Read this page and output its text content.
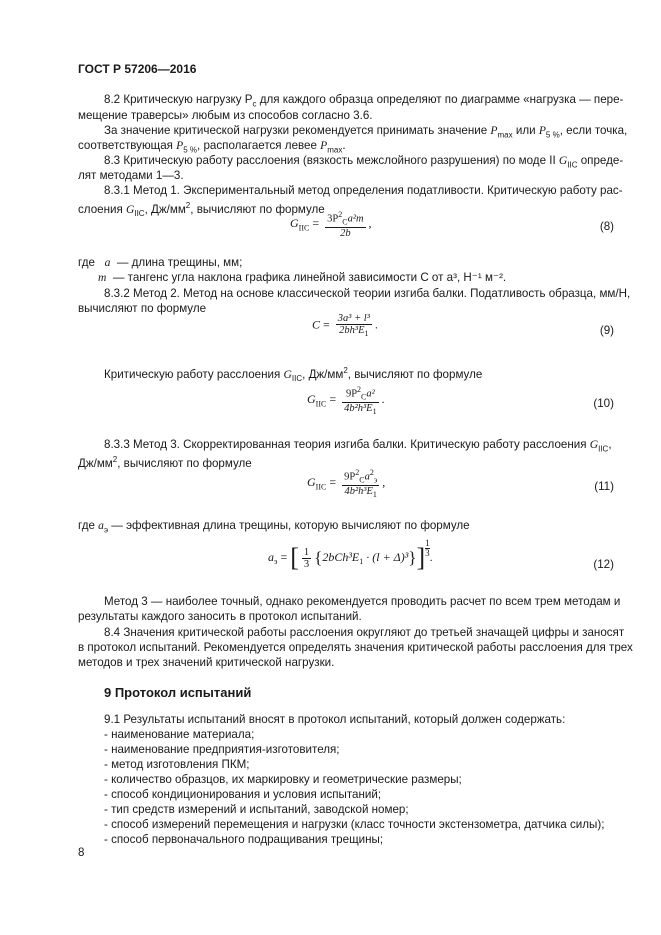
ГОСТ Р 57206—2016
8.2 Критическую нагрузку $P_c$ для каждого образца определяют по диаграмме «нагрузка — пере-
мещение траверсы» любым из способов согласно 3.6.
За значение критической нагрузки рекомендуется принимать значение $P_{max}$ или $P_{5 \%}$, если точка,
соответствующая $P_{5 \%}$, располагается левее $P_{max}$.
8.3 Критическую работу расслоения (вязкость межслойного разрушения) по моде II $G_{IIC}$ опреде-
лят методами 1—3.
8.3.1 Метод 1. Экспериментальный метод определения податливости. Критическую работу рас-
слоения $G_{IIC}$, $Дж/мм^2$, вычисляют по формуле
$G_{IIC} = \frac{3P^2_Ca^2m}{2b}$ ,	(8)
где a — длина трещины, мм;
m — тангенс угла наклона графика линейной зависимости C от a³, Н⁻¹ м⁻².
8.3.2 Метод 2. Метод на основе классической теории изгиба балки. Податливость образца, мм/Н,
вычисляют по формуле
$C = \frac{\text{3a³ + l³}}{2bh^3E_1}$ .	(9)
Критическую работу расслоения $G_{IIC}$, $Дж/мм^2$, вычисляют по формуле
$G_{IIC} = \frac{9P^2_Ca^2}{4b^2h^3E_1}$ .	(10)
8.3.3 Метод 3. Скорректированная теория изгиба балки. Критическую работу расслоения $G_{IIC}$,
$Дж/мм^2$, вычисляют по формуле
$G_{IIC} = \frac{9P^2_Ca^2_э}{4b^2h^3E_1}$ ,	(11)
где $a_э$ — эффективная длина трещины, которую вычисляют по формуле
$a_э$ = [ $\frac{1}{3} \{2bCh^3E_1 \cdot (l + \Delta)^3\}] \frac{1}{3}$ .
(12)
Метод 3 — наиболее точный, однако рекомендуется проводить расчет по всем трем методам и
результаты каждого заносить в протокол испытаний.
8.4 Значения критической работы расслоения округляют до третьей значащей цифры и заносят
в протокол испытаний. Рекомендуется определять значения критической работы расслоения для трех
методов и трех значений критической нагрузки.
9 Протокол испытаний
9.1 Результаты испытаний вносят в протокол испытаний, который должен содержать:
- наименование материала;
- наименование предприятия-изготовителя;
- метод изготовления ПКМ;
- количество образцов, их маркировку и геометрические размеры;
- способ кондиционирования и условия испытаний;
- тип средств измерений и испытаний, заводской номер;
- способ измерений перемещения и нагрузки (класс точности экстензометра, датчика силы);
- способ первоначального подращивания трещины;
8
